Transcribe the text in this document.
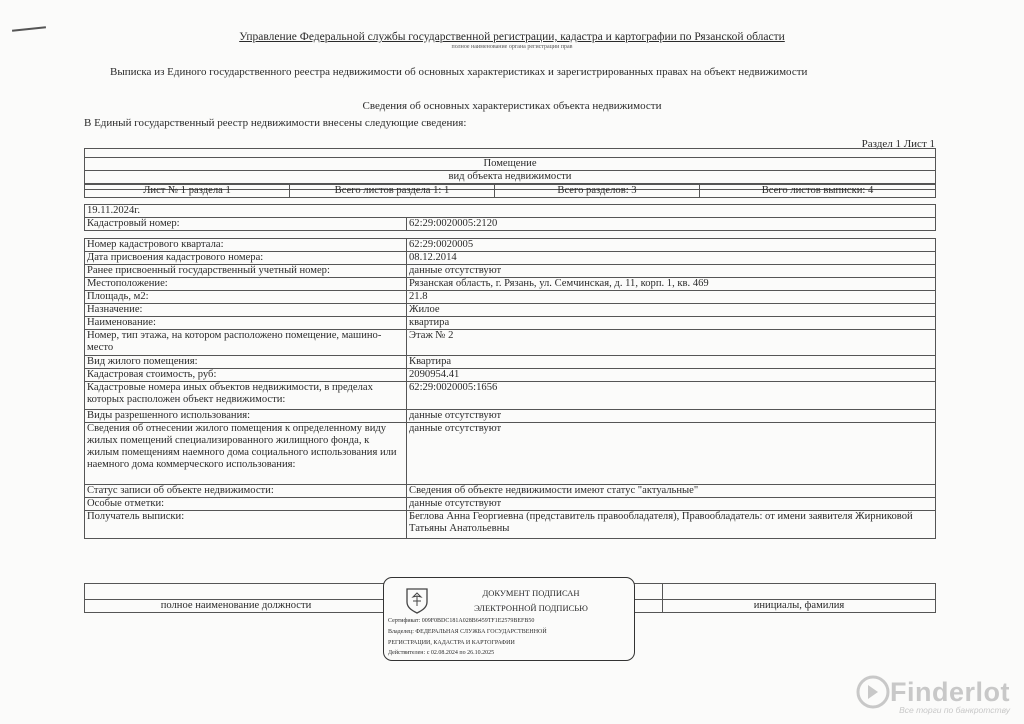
Управление Федеральной службы государственной регистрации, кадастра и картографии по Рязанской области
полное наименование органа регистрации прав
Выписка из Единого государственного реестра недвижимости об основных характеристиках и зарегистрированных правах на объект недвижимости
Сведения об основных характеристиках объекта недвижимости
В Единый государственный реестр недвижимости внесены следующие сведения:
Раздел 1 Лист 1

Помещение
вид объекта недвижимости

Лист № 1 раздела 1	Всего листов раздела 1: 1	Всего разделов: 3	Всего листов выписки: 4
19.11.2024г.
Кадастровый номер:	62:29:0020005:2120
Номер кадастрового квартала:	62:29:0020005
Дата присвоения кадастрового номера:	08.12.2014
Ранее присвоенный государственный учетный номер:	данные отсутствуют
Местоположение:	Рязанская область, г. Рязань, ул. Семчинская, д. 11, корп. 1, кв. 469
Площадь, м2:	21.8
Назначение:	Жилое
Наименование:	квартира
Номер, тип этажа, на котором расположено помещение, машино-место	Этаж № 2
Вид жилого помещения:	Квартира
Кадастровая стоимость, руб:	2090954.41
Кадастровые номера иных объектов недвижимости, в пределах которых расположен объект недвижимости:	62:29:0020005:1656
Виды разрешенного использования:	данные отсутствуют
Сведения об отнесении жилого помещения к определенному виду жилых помещений специализированного жилищного фонда, к жилым помещениям наемного дома социального использования или наемного дома коммерческого использования:	данные отсутствуют
Статус записи об объекте недвижимости:	Сведения об объекте недвижимости имеют статус "актуальные"
Особые отметки:	данные отсутствуют
Получатель выписки:	Беглова Анна Георгиевна (представитель правообладателя), Правообладатель: от имени заявителя Жирниковой Татьяны Анатольевны

полное наименование должности		инициалы, фамилия
ДОКУМЕНТ ПОДПИСАН
ЭЛЕКТРОННОЙ ПОДПИСЬЮ
Сертификат: 009F0BDC181A028B6459TF1E2579BEFB50
Владелец: ФЕДЕРАЛЬНАЯ СЛУЖБА ГОСУДАРСТВЕННОЙ
РЕГИСТРАЦИИ, КАДАСТРА И КАРТОГРАФИИ
Действителен: с 02.08.2024 по 26.10.2025
Finderlot
Все торги по банкротству
